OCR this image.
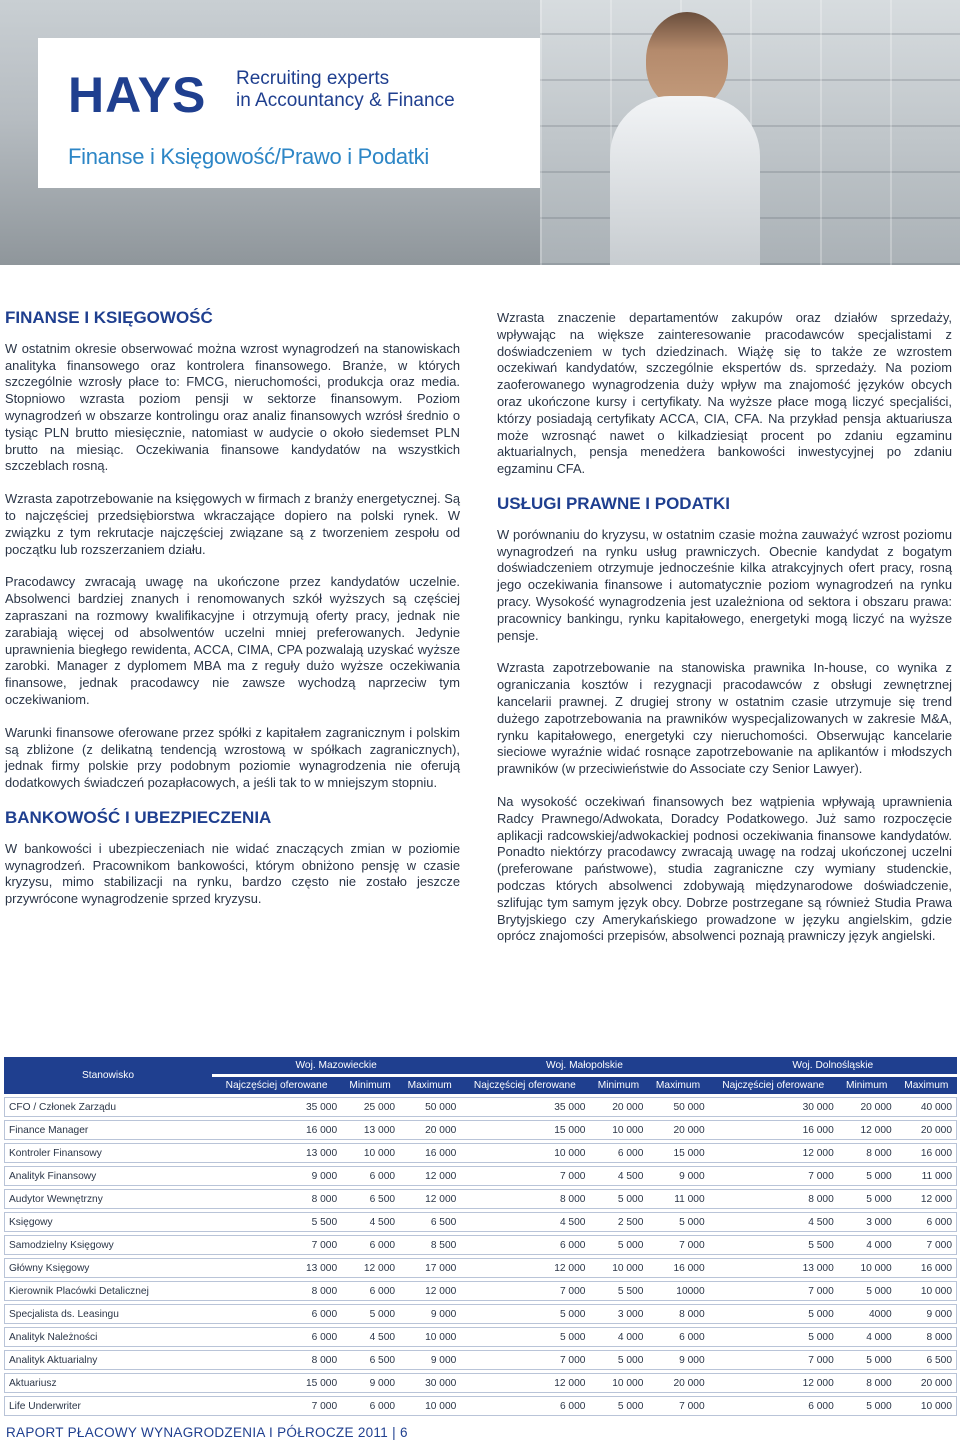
HAYS Recruiting experts
in Accountancy & Finance
Finanse i Księgowość/Prawo i Podatki
FINANSE I KSIĘGOWOŚĆ

W ostatnim okresie obserwować można wzrost wynagrodzeń na stanowiskach analityka finansowego oraz kontrolera finansowego. Branże, w których szczególnie wzrosły płace to: FMCG, nieruchomości, produkcja oraz media. Stopniowo wzrasta poziom pensji w sektorze finansowym. Poziom wynagrodzeń w obszarze kontrolingu oraz analiz finansowych wzrósł średnio o tysiąc PLN brutto miesięcznie, natomiast w audycie o około siedemset PLN brutto na miesiąc. Oczekiwania finansowe kandydatów na wszystkich szczeblach rosną.

Wzrasta zapotrzebowanie na księgowych w firmach z branży energetycznej. Są to najczęściej przedsiębiorstwa wkraczające dopiero na polski rynek. W związku z tym rekrutacje najczęściej związane są z tworzeniem zespołu od początku lub rozszerzaniem działu.

Pracodawcy zwracają uwagę na ukończone przez kandydatów uczelnie. Absolwenci bardziej znanych i renomowanych szkół wyższych są częściej zapraszani na rozmowy kwalifikacyjne i otrzymują oferty pracy, jednak nie zarabiają więcej od absolwentów uczelni mniej preferowanych. Jedynie uprawnienia biegłego rewidenta, ACCA, CIMA, CPA pozwalają uzyskać wyższe zarobki. Manager z dyplomem MBA ma z reguły dużo wyższe oczekiwania finansowe, jednak pracodawcy nie zawsze wychodzą naprzeciw tym oczekiwaniom.

Warunki finansowe oferowane przez spółki z kapitałem zagranicznym i polskim są zbliżone (z delikatną tendencją wzrostową w spółkach zagranicznych), jednak firmy polskie przy podobnym poziomie wynagrodzenia nie oferują dodatkowych świadczeń pozapłacowych, a jeśli tak to w mniejszym stopniu.

BANKOWOŚĆ I UBEZPIECZENIA

W bankowości i ubezpieczeniach nie widać znaczących zmian w poziomie wynagrodzeń. Pracownikom bankowości, którym obniżono pensję w czasie kryzysu, mimo stabilizacji na rynku, bardzo często nie zostało jeszcze przywrócone wynagrodzenie sprzed kryzysu.

Wzrasta znaczenie departamentów zakupów oraz działów sprzedaży, wpływając na większe zainteresowanie pracodawców specjalistami z doświadczeniem w tych dziedzinach. Wiążę się to także ze wzrostem oczekiwań kandydatów, szczególnie ekspertów ds. sprzedaży. Na poziom zaoferowanego wynagrodzenia duży wpływ ma znajomość języków obcych oraz ukończone kursy i certyfikaty. Na wyższe płace mogą liczyć specjaliści, którzy posiadają certyfikaty ACCA, CIA, CFA. Na przykład pensja aktuariusza może wzrosnąć nawet o kilkadziesiąt procent po zdaniu egzaminu aktuarialnych, pensja menedżera bankowości inwestycyjnej po zdaniu egzaminu CFA.

USŁUGI PRAWNE I PODATKI

W porównaniu do kryzysu, w ostatnim czasie można zauważyć wzrost poziomu wynagrodzeń na rynku usług prawniczych. Obecnie kandydat z bogatym doświadczeniem otrzymuje jednocześnie kilka atrakcyjnych ofert pracy, rosną jego oczekiwania finansowe i automatycznie poziom wynagrodzeń na rynku pracy. Wysokość wynagrodzenia jest uzależniona od sektora i obszaru prawa: pracownicy bankingu, rynku kapitałowego, energetyki mogą liczyć na wyższe pensje.

Wzrasta zapotrzebowanie na stanowiska prawnika In-house, co wynika z ograniczania kosztów i rezygnacji pracodawców z obsługi zewnętrznej kancelarii prawnej. Z drugiej strony w ostatnim czasie utrzymuje się trend dużego zapotrzebowania na prawników wyspecjalizowanych w zakresie M&A, rynku kapitałowego, energetyki czy nieruchomości. Obserwując kancelarie sieciowe wyraźnie widać rosnące zapotrzebowanie na aplikantów i młodszych prawników (w przeciwieństwie do Associate czy Senior Lawyer).

Na wysokość oczekiwań finansowych bez wątpienia wpływają uprawnienia Radcy Prawnego/Adwokata, Doradcy Podatkowego. Już samo rozpoczęcie aplikacji radcowskiej/adwokackiej podnosi oczekiwania finansowe kandydatów. Ponadto niektórzy pracodawcy zwracają uwagę na rodzaj ukończonej uczelni (preferowane państwowe), studia zagraniczne czy wymiany studenckie, podczas których absolwenci zdobywają międzynarodowe doświadczenie, szlifując tym samym język obcy. Dobrze postrzegane są również Studia Prawa Brytyjskiego czy Amerykańskiego prowadzone w języku angielskim, gdzie oprócz znajomości przepisów, absolwenci poznają prawniczy język angielski.

Stanowisko	Woj. Mazowieckie			Woj. Małopolskie			Woj. Dolnośląskie		
	Najczęściej oferowane	Minimum	Maximum	Najczęściej oferowane	Minimum	Maximum	Najczęściej oferowane	Minimum	Maximum
CFO / Członek Zarządu	35 000	25 000	50 000	35 000	20 000	50 000	30 000	20 000	40 000
Finance Manager	16 000	13 000	20 000	15 000	10 000	20 000	16 000	12 000	20 000
Kontroler Finansowy	13 000	10 000	16 000	10 000	6 000	15 000	12 000	8 000	16 000
Analityk Finansowy	9 000	6 000	12 000	7 000	4 500	9 000	7 000	5 000	11 000
Audytor Wewnętrzny	8 000	6 500	12 000	8 000	5 000	11 000	8 000	5 000	12 000
Księgowy	5 500	4 500	6 500	4 500	2 500	5 000	4 500	3 000	6 000
Samodzielny Księgowy	7 000	6 000	8 500	6 000	5 000	7 000	5 500	4 000	7 000
Główny Księgowy	13 000	12 000	17 000	12 000	10 000	16 000	13 000	10 000	16 000
Kierownik Placówki Detalicznej	8 000	6 000	12 000	7 000	5 500	10000	7 000	5 000	10 000
Specjalista ds. Leasingu	6 000	5 000	9 000	5 000	3 000	8 000	5 000	4000	9 000
Analityk Należności	6 000	4 500	10 000	5 000	4 000	6 000	5 000	4 000	8 000
Analityk Aktuarialny	8 000	6 500	9 000	7 000	5 000	9 000	7 000	5 000	6 500
Aktuariusz	15 000	9 000	30 000	12 000	10 000	20 000	12 000	8 000	20 000
Life Underwriter	7 000	6 000	10 000	6 000	5 000	7 000	6 000	5 000	10 000
RAPORT PŁACOWY WYNAGRODZENIA I PÓŁROCZE 2011 | 6
